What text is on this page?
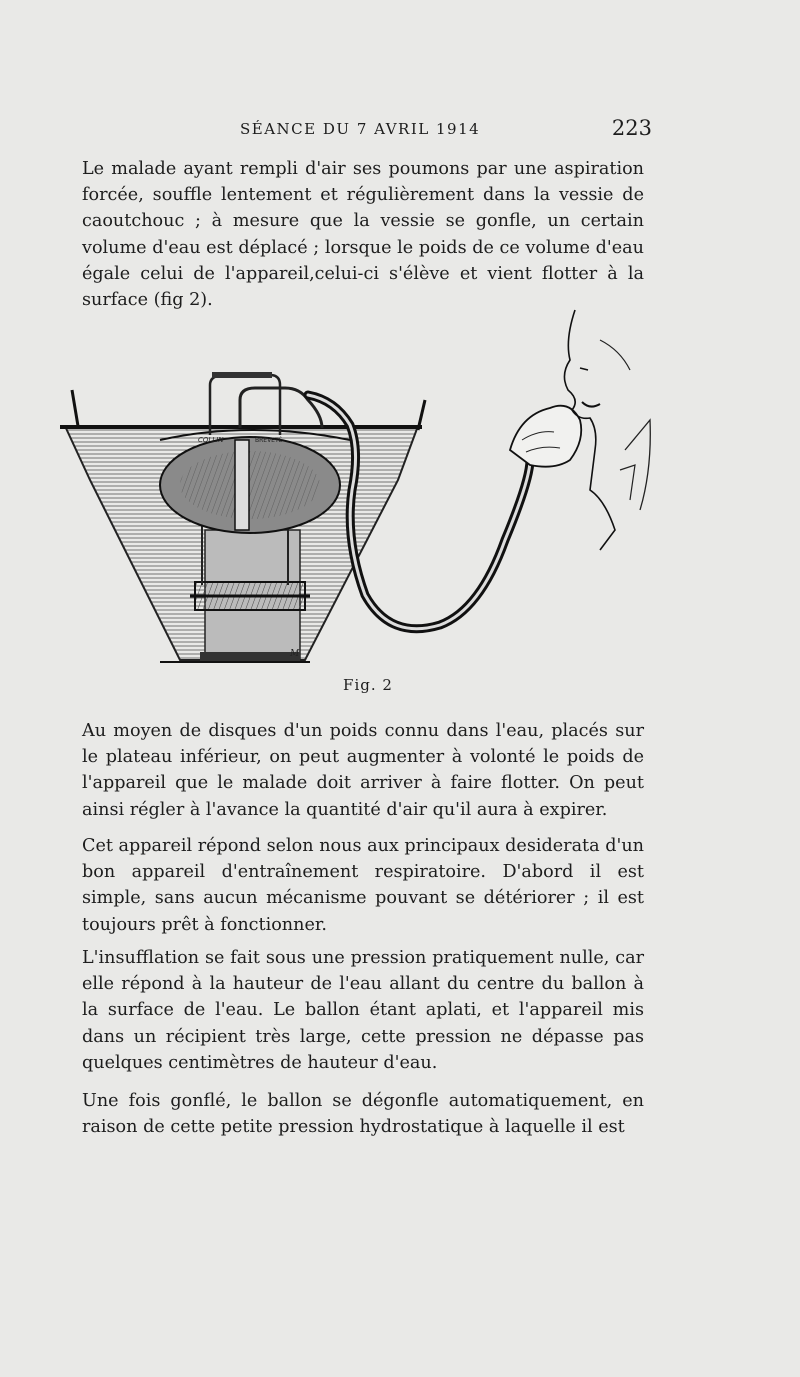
SÉANCE DU 7 AVRIL 1914	223

Le malade ayant rempli d'air ses poumons par une aspiration forcée, souffle lentement et régulièrement dans la vessie de caoutchouc ; à mesure que la vessie se gonfle, un certain volume d'eau est déplacé ; lorsque le poids de ce volume d'eau égale celui de l'appareil,celui-ci s'élève et vient flotter à la surface (fig 2).

COLLIN	BREVETÉ
M
Fig. 2

Au moyen de disques d'un poids connu dans l'eau, placés sur le plateau inférieur, on peut augmenter à volonté le poids de l'appareil que le malade doit arriver à faire flotter. On peut ainsi régler à l'avance la quantité d'air qu'il aura à expirer.

Cet appareil répond selon nous aux principaux desiderata d'un bon appareil d'entraînement respiratoire. D'abord il est simple, sans aucun mécanisme pouvant se détériorer ; il est toujours prêt à fonctionner.

L'insufflation se fait sous une pression pratiquement nulle, car elle répond à la hauteur de l'eau allant du centre du ballon à la surface de l'eau. Le ballon étant aplati, et l'appareil mis dans un récipient très large, cette pression ne dépasse pas quelques centimètres de hauteur d'eau.

Une fois gonflé, le ballon se dégonfle automatiquement, en raison de cette petite pression hydrostatique à laquelle il est
